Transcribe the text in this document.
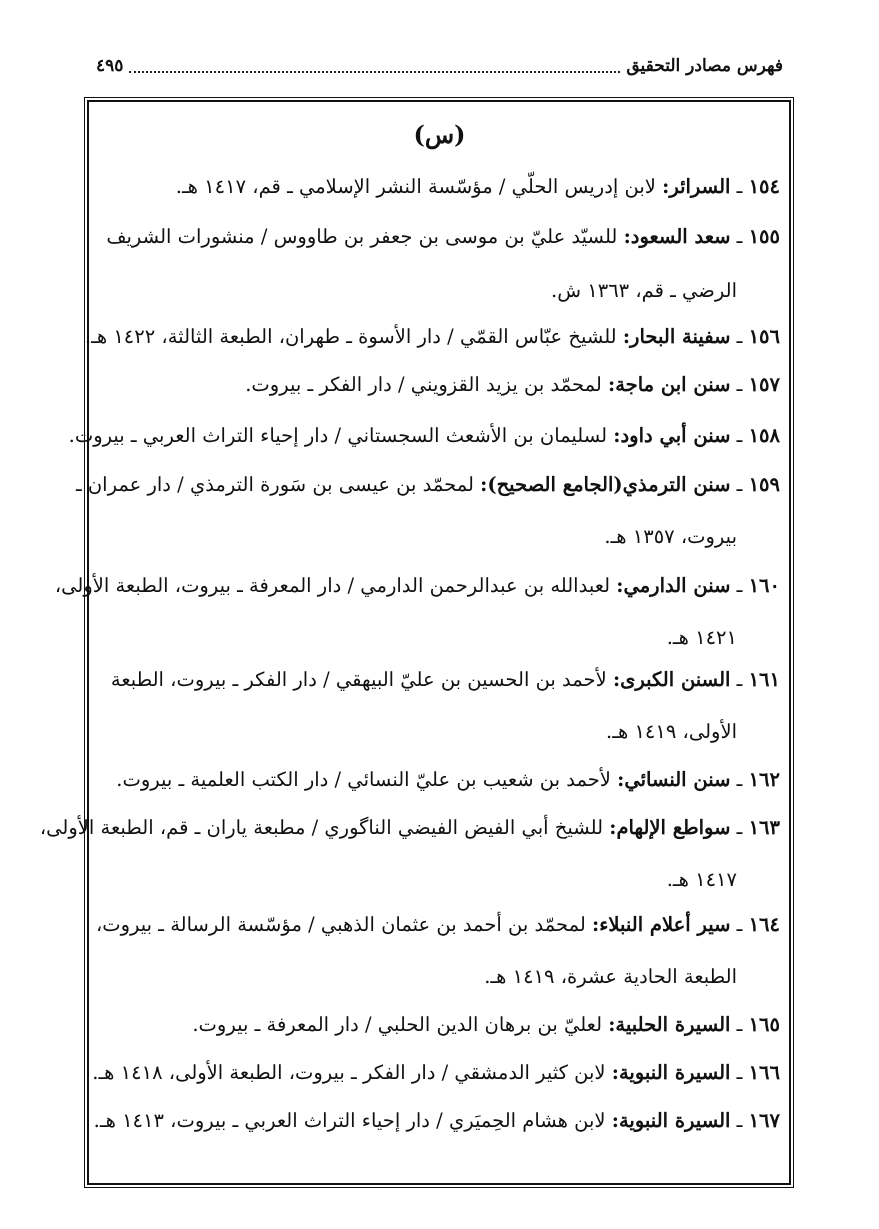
فهرس مصادر التحقيق
٤٩٥
(س)
١٥٤ ـ السرائر: لابن إدريس الحلّي / مؤسّسة النشر الإسلامي ـ قم، ١٤١٧ هـ.
١٥٥ ـ سعد السعود: للسيّد عليّ بن موسى بن جعفر بن طاووس / منشورات الشريف
الرضي ـ قم، ١٣٦٣ ش.
١٥٦ ـ سفينة البحار: للشيخ عبّاس القمّي / دار الأسوة ـ طهران، الطبعة الثالثة، ١٤٢٢ هـ.
١٥٧ ـ سنن ابن ماجة: لمحمّد بن يزيد القزويني / دار الفكر ـ بيروت.
١٥٨ ـ سنن أبي داود: لسليمان بن الأشعث السجستاني / دار إحياء التراث العربي ـ بيروت.
١٥٩ ـ سنن الترمذي(الجامع الصحيح): لمحمّد بن عيسى بن سَورة الترمذي / دار عمران ـ
بيروت، ١٣٥٧ هـ.
١٦٠ ـ سنن الدارمي: لعبدالله بن عبدالرحمن الدارمي / دار المعرفة ـ بيروت، الطبعة الأولى،
١٤٢١ هـ.
١٦١ ـ السنن الكبرى: لأحمد بن الحسين بن عليّ البيهقي / دار الفكر ـ بيروت، الطبعة
الأولى، ١٤١٩ هـ.
١٦٢ ـ سنن النسائي: لأحمد بن شعيب بن عليّ النسائي / دار الكتب العلمية ـ بيروت.
١٦٣ ـ سواطع الإلهام: للشيخ أبي الفيض الفيضي الناگوري / مطبعة ياران ـ قم، الطبعة الأولى،
١٤١٧ هـ.
١٦٤ ـ سير أعلام النبلاء: لمحمّد بن أحمد بن عثمان الذهبي / مؤسّسة الرسالة ـ بيروت،
الطبعة الحادية عشرة، ١٤١٩ هـ.
١٦٥ ـ السيرة الحلبية: لعليّ بن برهان الدين الحلبي / دار المعرفة ـ بيروت.
١٦٦ ـ السيرة النبوية: لابن كثير الدمشقي / دار الفكر ـ بيروت، الطبعة الأولى، ١٤١٨ هـ.
١٦٧ ـ السيرة النبوية: لابن هشام الحِميَري / دار إحياء التراث العربي ـ بيروت، ١٤١٣ هـ.
